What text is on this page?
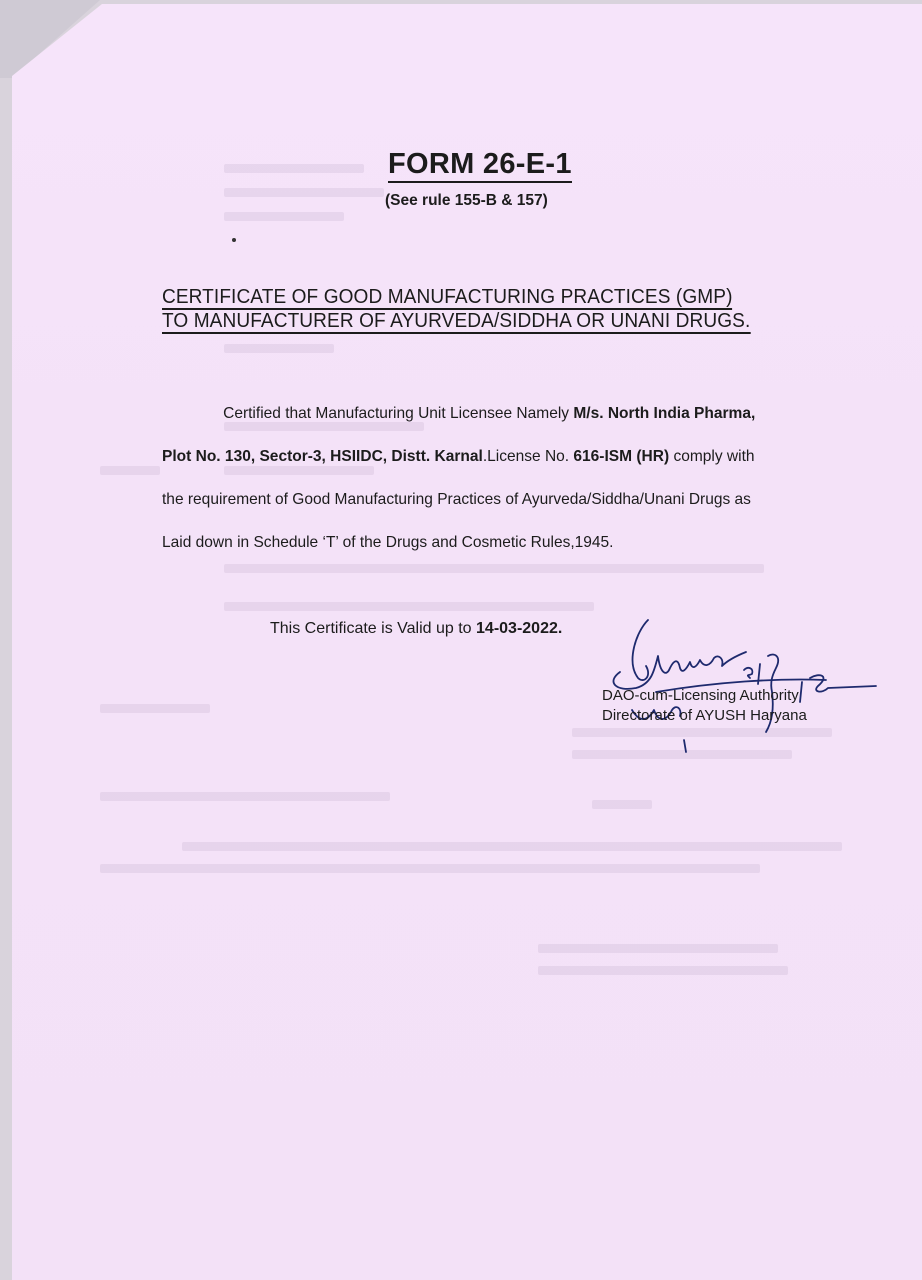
FORM 26-E-1
(See rule 155-B & 157)
CERTIFICATE OF GOOD MANUFACTURING PRACTICES (GMP)
TO MANUFACTURER OF AYURVEDA/SIDDHA OR UNANI DRUGS.
Certified that Manufacturing Unit Licensee Namely M/s. North India Pharma,
Plot No. 130, Sector-3, HSIIDC, Distt. Karnal.License No. 616-ISM (HR) comply with
the requirement of Good Manufacturing Practices of Ayurveda/Siddha/Unani Drugs as
Laid down in Schedule ‘T’ of the Drugs and Cosmetic Rules,1945.
This Certificate is Valid up to 14-03-2022.
DAO-cum-Licensing Authority
Directorate of AYUSH Haryana
